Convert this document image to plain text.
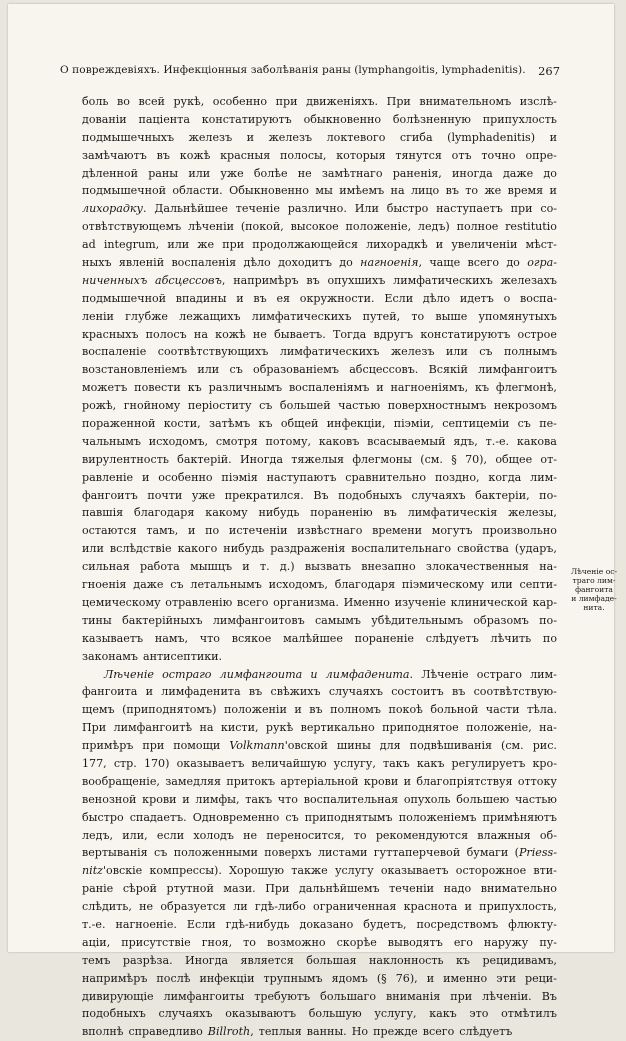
О повреждевіяхъ. Инфекціонныя заболѣванія раны (lymphangoitis, lymphadenitis). 267
боль во всей рукѣ, особенно при движеніяхъ. При внимательномъ изслѣ-
дованіи пацiента констатируютъ обыкновенно болѣзненную припухлость
подмышечныхъ железъ и железъ локтевого сгиба (lymphadenitis) и
замѣчаютъ въ кожѣ красныя полосы, которыя тянутся отъ точно опре-
дѣленной раны или уже болѣе не замѣтнаго раненія, иногда даже до
подмышечной области. Обыкновенно мы имѣемъ на лицо въ то же время и
лихорадку. Дальнѣйшее теченіе различно. Или быстро наступаетъ при со-
отвѣтствующемъ лѣченіи (покой, высокое положеніе, ледъ) полное restitutio
ad integrum, или же при продолжающейся лихорадкѣ и увеличеніи мѣст-
ныхъ явленій воспаленія дѣло доходитъ до нагноенія, чаще всего до огра-
ниченныхъ абсцессовъ, напримѣръ въ опухшихъ лимфатическихъ железахъ
подмышечной впадины и въ ея окружности. Если дѣло идетъ о воспа-
леніи глубже лежащихъ лимфатическихъ путей, то выше упомянутыхъ
красныхъ полосъ на кожѣ не бываетъ. Тогда вдругъ констатируютъ острое
воспаленіе соотвѣтствующихъ лимфатическихъ железъ или съ полнымъ
возстановленіемъ или съ образованіемъ абсцессовъ. Всякій лимфангоитъ
можетъ повести къ различнымъ воспаленіямъ и нагноеніямъ, къ флегмонѣ,
рожѣ, гнойному періоститу съ большей частью поверхностнымъ некрозомъ
пораженной кости, затѣмъ къ общей инфекціи, піэміи, септицеміи съ пе-
чальнымъ исходомъ, смотря потому, каковъ всасываемый ядъ, т.-е. какова
вирулентность бактерій. Иногда тяжелыя флегмоны (см. § 70), общее от-
равленіе и особенно піэмія наступаютъ сравнительно поздно, когда лим-
фангоитъ почти уже прекратился. Въ подобныхъ случаяхъ бактеріи, по-
павшія благодаря какому нибудь пораненію въ лимфатическія железы,
остаются тамъ, и по истеченіи извѣстнаго времени могутъ произвольно
или вслѣдствіе какого нибудь раздраженія воспалительнаго свойства (ударъ,
сильная работа мышцъ и т. д.) вызвать внезапно злокачественныя на-
гноенія даже съ летальнымъ исходомъ, благодаря піэмическому или септи-
цемическому отравленію всего организма. Именно изученіе клинической кар-
тины бактерійныхъ лимфангоитовъ самымъ убѣдительнымъ образомъ по-
казываетъ намъ, что всякое малѣйшее пораненіе слѣдуетъ лѣчить по
законамъ антисептики.
Лѣченіе остраго лимфангоита и лимфаденита. Лѣченіе остраго лим-
фангоита и лимфаденита въ свѣжихъ случаяхъ состоитъ въ соотвѣтствую-
щемъ (приподнятомъ) положеніи и въ полномъ покоѣ больной части тѣла.
При лимфангоитѣ на кисти, рукѣ вертикально приподнятое положеніе, на-
примѣръ при помощи Volkmann'овской шины для подвѣшиванія (см. рис.
177, стр. 170) оказываетъ величайшую услугу, такъ какъ регулируетъ кро-
вообращеніе, замедляя притокъ артеріальной крови и благопріятствуя оттоку
венозной крови и лимфы, такъ что воспалительная опухоль большею частью
быстро спадаетъ. Одновременно съ приподнятымъ положеніемъ примѣняютъ
ледъ, или, если холодъ не переносится, то рекомендуются влажныя об-
вертыванія съ положенными поверхъ листами гуттаперчевой бумаги (Priess-
nitz'овскіе компрессы). Хорошую также услугу оказываетъ осторожное вти-
раніе сѣрой ртутной мази. При дальнѣйшемъ теченіи надо внимательно
слѣдить, не образуется ли гдѣ-либо ограниченная краснота и припухлость,
т.-е. нагноеніе. Если гдѣ-нибудь доказано будетъ, посредствомъ флюкту-
аціи, присутствіе гноя, то возможно скорѣе выводятъ его наружу пу-
темъ разрѣза. Иногда является большая наклонность къ рецидивамъ,
напримѣръ послѣ инфекціи трупнымъ ядомъ (§ 76), и именно эти реци-
дивирующіе лимфангоиты требуютъ большаго вниманія при лѣченіи. Въ
подобныхъ случаяхъ оказываютъ большую услугу, какъ это отмѣтилъ
вполнѣ справедливо Billroth, теплыя ванны. Но прежде всего слѣдуетъ
Лѣченіе ос-
траго лим-
фангоита
и лимфаде-
нита.
